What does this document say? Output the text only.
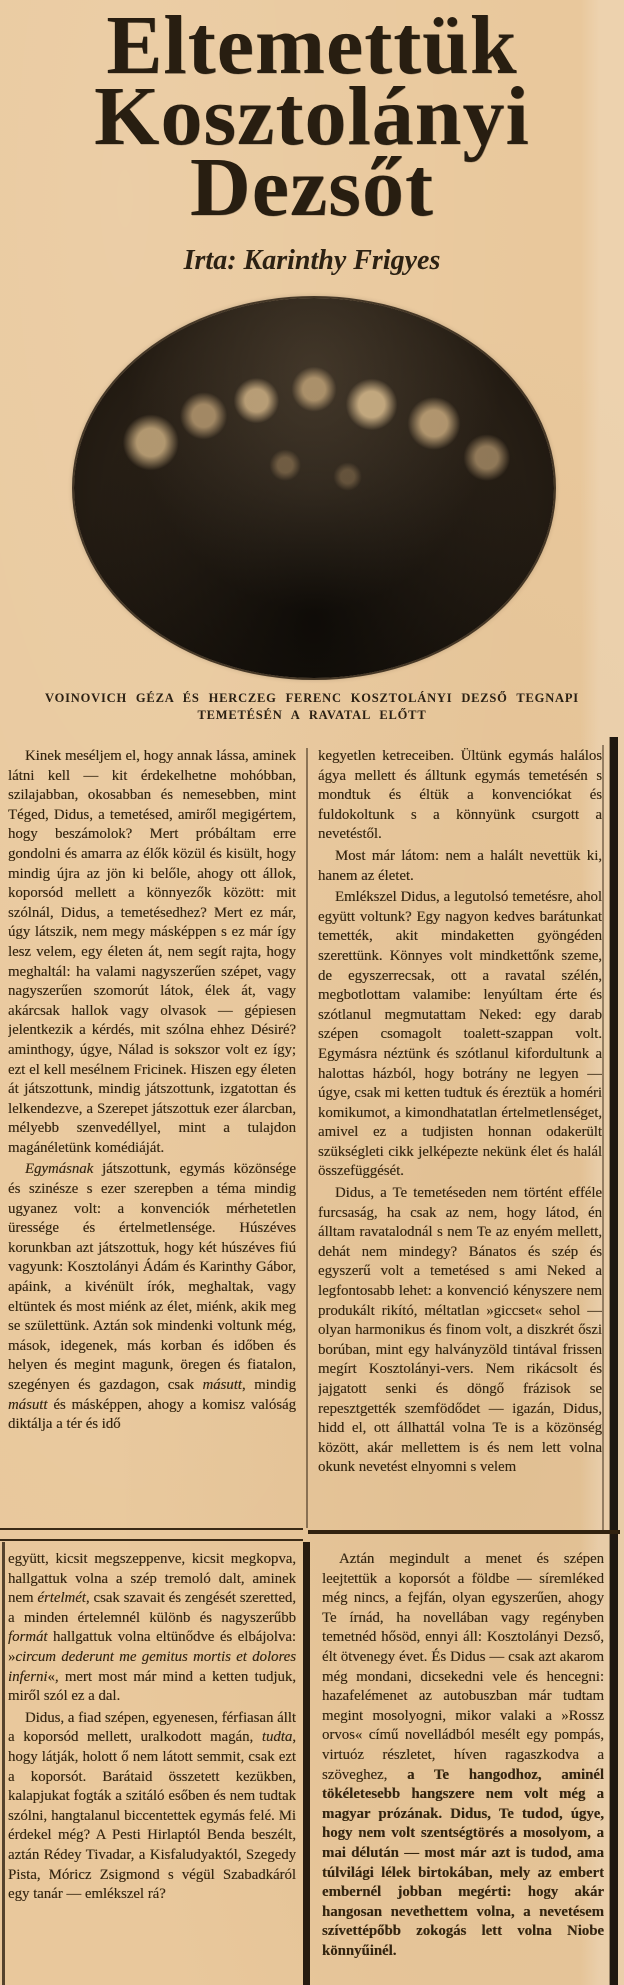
Eltemettük
Kosztolányi
Dezsőt
Irta: Karinthy Frigyes
VOINOVICH GÉZA ÉS HERCZEG FERENC KOSZTOLÁNYI DEZSŐ TEGNAPI
TEMETÉSÉN A RAVATAL ELŐTT

Kinek meséljem el, hogy annak lássa, aminek látni kell — kit érdekelhetne mohóbban, szilajabban, okosabban és nemesebben, mint Téged, Didus, a temetésed, amiről megigértem, hogy beszámolok? Mert próbáltam erre gondolni és amarra az élők közül és kisült, hogy mindig újra az jön ki belőle, ahogy ott állok, koporsód mellett a könnyezők között: mit szólnál, Didus, a temetésedhez? Mert ez már, úgy látszik, nem megy másképpen s ez már így lesz velem, egy életen át, nem segít rajta, hogy meghaltál: ha valami nagyszerűen szépet, vagy nagyszerűen szomorút látok, élek át, vagy akárcsak hallok vagy olvasok — gépiesen jelentkezik a kérdés, mit szólna ehhez Désiré? aminthogy, úgye, Nálad is sokszor volt ez így; ezt el kell mesélnem Fricinek. Hiszen egy életen át játszottunk, mindig játszottunk, izgatottan és lelkendezve, a Szerepet játszottuk ezer álarcban, mélyebb szenvedéllyel, mint a tulajdon magánéletünk komédiáját.

Egymásnak játszottunk, egymás közönsége és szinésze s ezer szerepben a téma mindig ugyanez volt: a konvenciók mérhetetlen üressége és értelmetlensége. Húszéves korunkban azt játszottuk, hogy két húszéves fiú vagyunk: Kosztolányi Ádám és Karinthy Gábor, apáink, a kivénült írók, meghaltak, vagy eltüntek és most miénk az élet, miénk, akik meg se születtünk. Aztán sok mindenki voltunk még, mások, idegenek, más korban és időben és helyen és megint magunk, öregen és fiatalon, szegényen és gazdagon, csak másutt, mindig másutt és másképpen, ahogy a komisz valóság diktálja a tér és idő

kegyetlen ketreceiben. Ültünk egymás halálos ágya mellett és álltunk egymás temetésén s mondtuk és éltük a konvenciókat és fuldokoltunk s a könnyünk csurgott a nevetéstől.

Most már látom: nem a halált nevettük ki, hanem az életet.

Emlékszel Didus, a legutolsó temetésre, ahol együtt voltunk? Egy nagyon kedves barátunkat temették, akit mindaketten gyöngéden szerettünk. Könnyes volt mindkettőnk szeme, de egyszerrecsak, ott a ravatal szélén, megbotlottam valamibe: lenyúltam érte és szótlanul megmutattam Neked: egy darab szépen csomagolt toalett-szappan volt. Egymásra néztünk és szótlanul kifordultunk a halottas házból, hogy botrány ne legyen — úgye, csak mi ketten tudtuk és éreztük a homéri komikumot, a kimondhatatlan értelmetlenséget, amivel ez a tudjisten honnan odakerült szükségleti cikk jelképezte nekünk élet és halál összefüggését.

Didus, a Te temetéseden nem történt efféle furcsaság, ha csak az nem, hogy látod, én álltam ravatalodnál s nem Te az enyém mellett, dehát nem mindegy? Bánatos és szép és egyszerű volt a temetésed s ami Neked a legfontosabb lehet: a konvenció kényszere nem produkált rikító, méltatlan »giccset« sehol — olyan harmonikus és finom volt, a diszkrét őszi borúban, mint egy halványzöld tintával frissen megírt Kosztolányi-vers. Nem rikácsolt és jajgatott senki és döngő frázisok se repesztgették szemfödődet — igazán, Didus, hidd el, ott állhattál volna Te is a közönség között, akár mellettem is és nem lett volna okunk nevetést elnyomni s velem

együtt, kicsit megszeppenve, kicsit megkopva, hallgattuk volna a szép tremoló dalt, aminek nem értelmét, csak szavait és zengését szeretted, a minden értelemnél különb és nagyszerűbb formát hallgattuk volna eltünődve és elbájolva: »circum dederunt me gemitus mortis et dolores inferni«, mert most már mind a ketten tudjuk, miről szól ez a dal.

Didus, a fiad szépen, egyenesen, férfiasan állt a koporsód mellett, uralkodott magán, tudta, hogy látják, holott ő nem látott semmit, csak ezt a koporsót. Barátaid összetett kezükben, kalapjukat fogták a szitáló esőben és nem tudtak szólni, hangtalanul biccentettek egymás felé. Mi érdekel még? A Pesti Hirlaptól Benda beszélt, aztán Rédey Tivadar, a Kisfaludyaktól, Szegedy Pista, Móricz Zsigmond s végül Szabadkáról egy tanár — emlékszel rá?

Aztán megindult a menet és szépen leejtettük a koporsót a földbe — síremléked még nincs, a fejfán, olyan egyszerűen, ahogy Te írnád, ha novellában vagy regényben temetnéd hősöd, ennyi áll: Kosztolányi Dezső, élt ötvenegy évet. És Didus — csak azt akarom még mondani, dicsekedni vele és hencegni: hazafelémenet az autobuszban már tudtam megint mosolyogni, mikor valaki a »Rossz orvos« című novelládból mesélt egy pompás, virtuóz részletet, híven ragaszkodva a szöveghez, a Te hangodhoz, aminél tökéletesebb hangszere nem volt még a magyar prózának. Didus, Te tudod, úgye, hogy nem volt szentségtörés a mosolyom, a mai délután — most már azt is tudod, ama túlvilági lélek birtokában, mely az embert embernél jobban megérti: hogy akár hangosan nevethettem volna, a nevetésem szívettépőbb zokogás lett volna Niobe könnyűinél.
